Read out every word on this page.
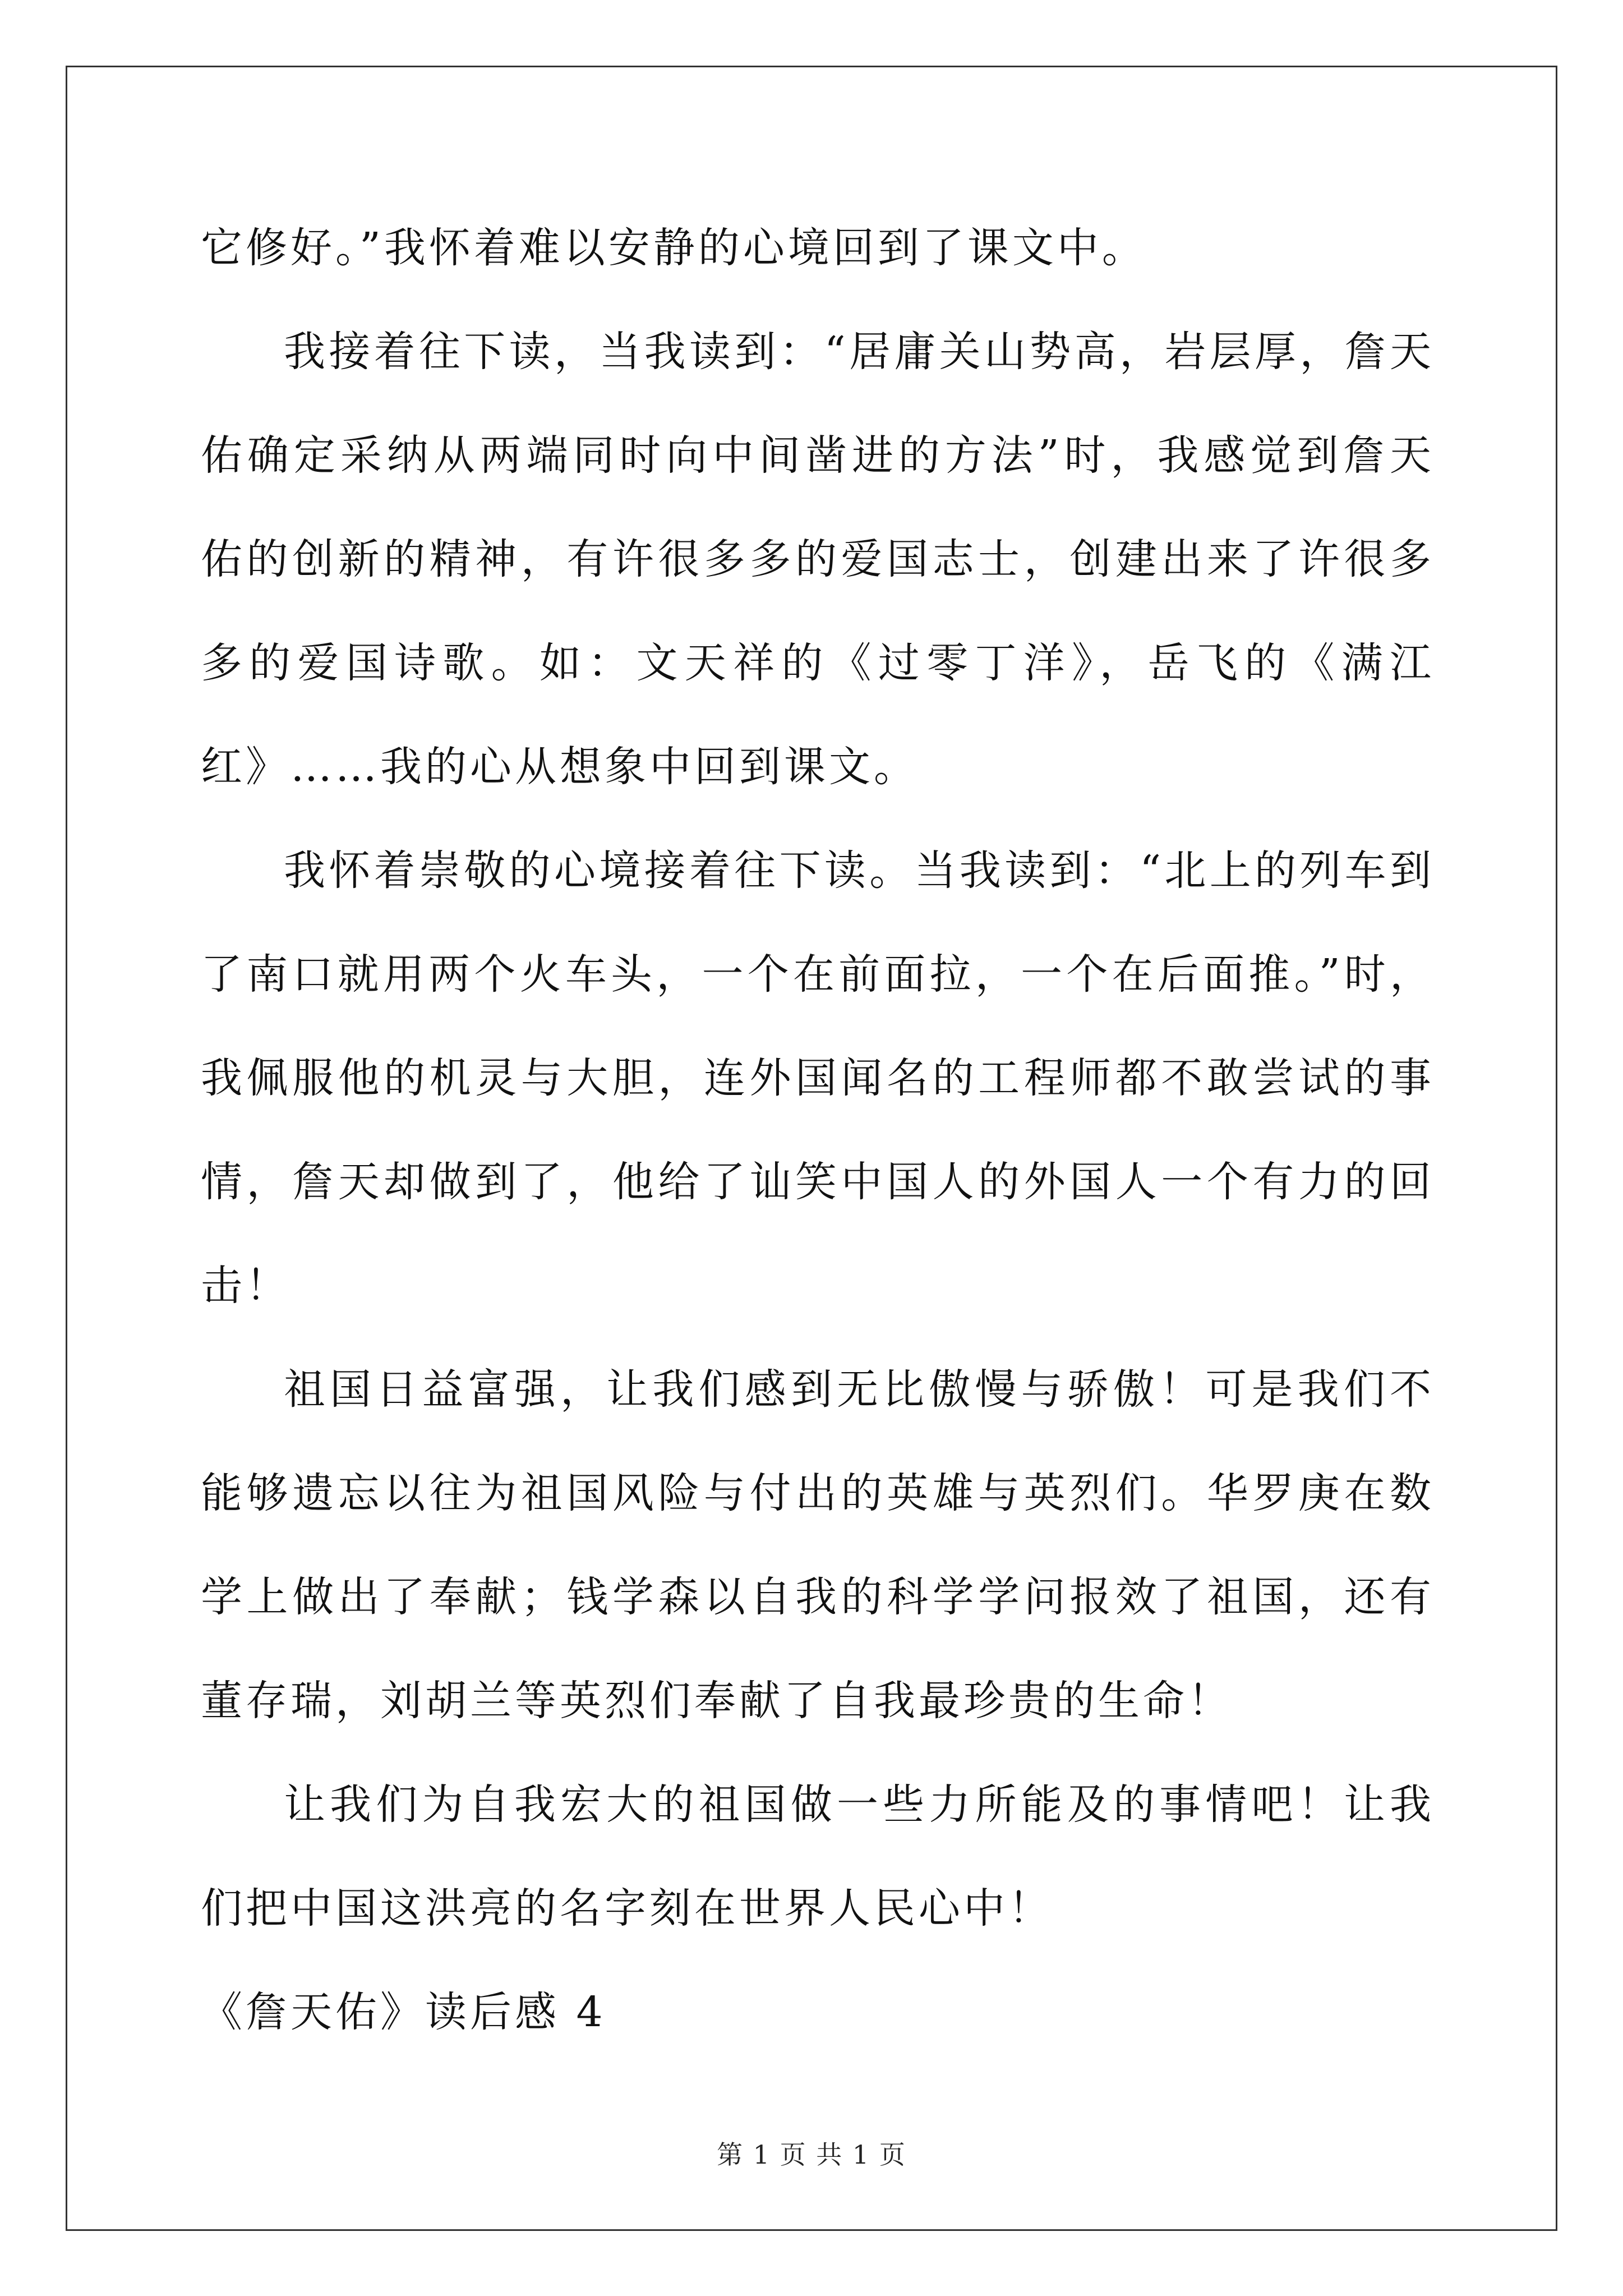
它修好。”我怀着难以安静的心境回到了课文中。

我接着往下读，当我读到：“居庸关山势高，岩层厚，詹天佑确定采纳从两端同时向中间凿进的方法”时，我感觉到詹天佑的创新的精神，有许很多多的爱国志士，创建出来了许很多多的爱国诗歌。如：文天祥的《过零丁洋》，岳飞的《满江红》……我的心从想象中回到课文。

我怀着崇敬的心境接着往下读。当我读到：“北上的列车到了南口就用两个火车头，一个在前面拉，一个在后面推。”时，我佩服他的机灵与大胆，连外国闻名的工程师都不敢尝试的事情，詹天却做到了，他给了讪笑中国人的外国人一个有力的回击！

祖国日益富强，让我们感到无比傲慢与骄傲！可是我们不能够遗忘以往为祖国风险与付出的英雄与英烈们。华罗庚在数学上做出了奉献；钱学森以自我的科学学问报效了祖国，还有董存瑞，刘胡兰等英烈们奉献了自我最珍贵的生命！

让我们为自我宏大的祖国做一些力所能及的事情吧！让我们把中国这洪亮的名字刻在世界人民心中！

《詹天佑》读后感 4

第 1 页 共 1 页
